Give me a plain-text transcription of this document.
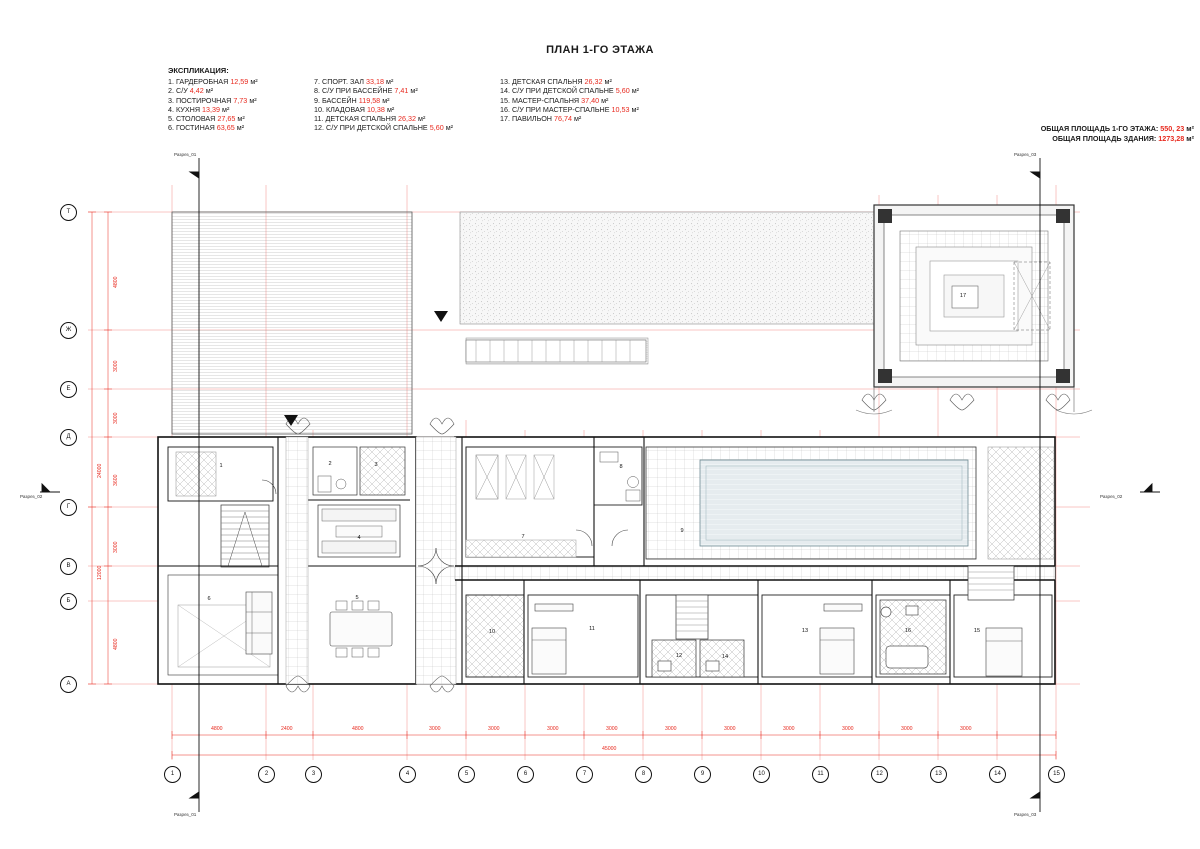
ПЛАН 1-ГО ЭТАЖА
ЭКСПЛИКАЦИЯ:
1. ГАРДЕРОБНАЯ 12,59 м²
2. С/У 4,42 м²
3. ПОСТИРОЧНАЯ 7,73 м²
4. КУХНЯ 13,39 м²
5. СТОЛОВАЯ 27,65 м²
6. ГОСТИНАЯ 63,65 м²
7. СПОРТ. ЗАЛ 33,18 м²
8. С/У ПРИ БАССЕЙНЕ 7,41 м²
9. БАССЕЙН 119,58 м²
10. КЛАДОВАЯ 10,38 м²
11. ДЕТСКАЯ СПАЛЬНЯ 26,32 м²
12. С/У ПРИ ДЕТСКОЙ СПАЛЬНЕ 5,60 м²
13. ДЕТСКАЯ СПАЛЬНЯ 26,32 м²
14. С/У ПРИ ДЕТСКОЙ СПАЛЬНЕ 5,60 м²
15. МАСТЕР-СПАЛЬНЯ 37,40 м²
16. С/У ПРИ МАСТЕР-СПАЛЬНЕ 10,53 м²
17. ПАВИЛЬОН 76,74 м²
ОБЩАЯ ПЛОЩАДЬ 1-ГО ЭТАЖА: 550, 23 м²
ОБЩАЯ ПЛОЩАДЬ ЗДАНИЯ: 1273,28 м²
1	2	3	4	5	6	7	8	9	10	11	12	13	14	15
Т
Ж
Е
Д
Г
В
Б
А
4800	2400	4800	3000	3000	3000	3000	3000	3000	3000	3000	3000	3000
45000
4800
3000
3000
3600
3000
4800
24000
12000
Разрез_01	Разрез_03
Разрез_02	Разрез_02
Разрез_01	Разрез_03
1	2	3
4
5
6
7
8
9
10	11
12
13
14
15
16
17
